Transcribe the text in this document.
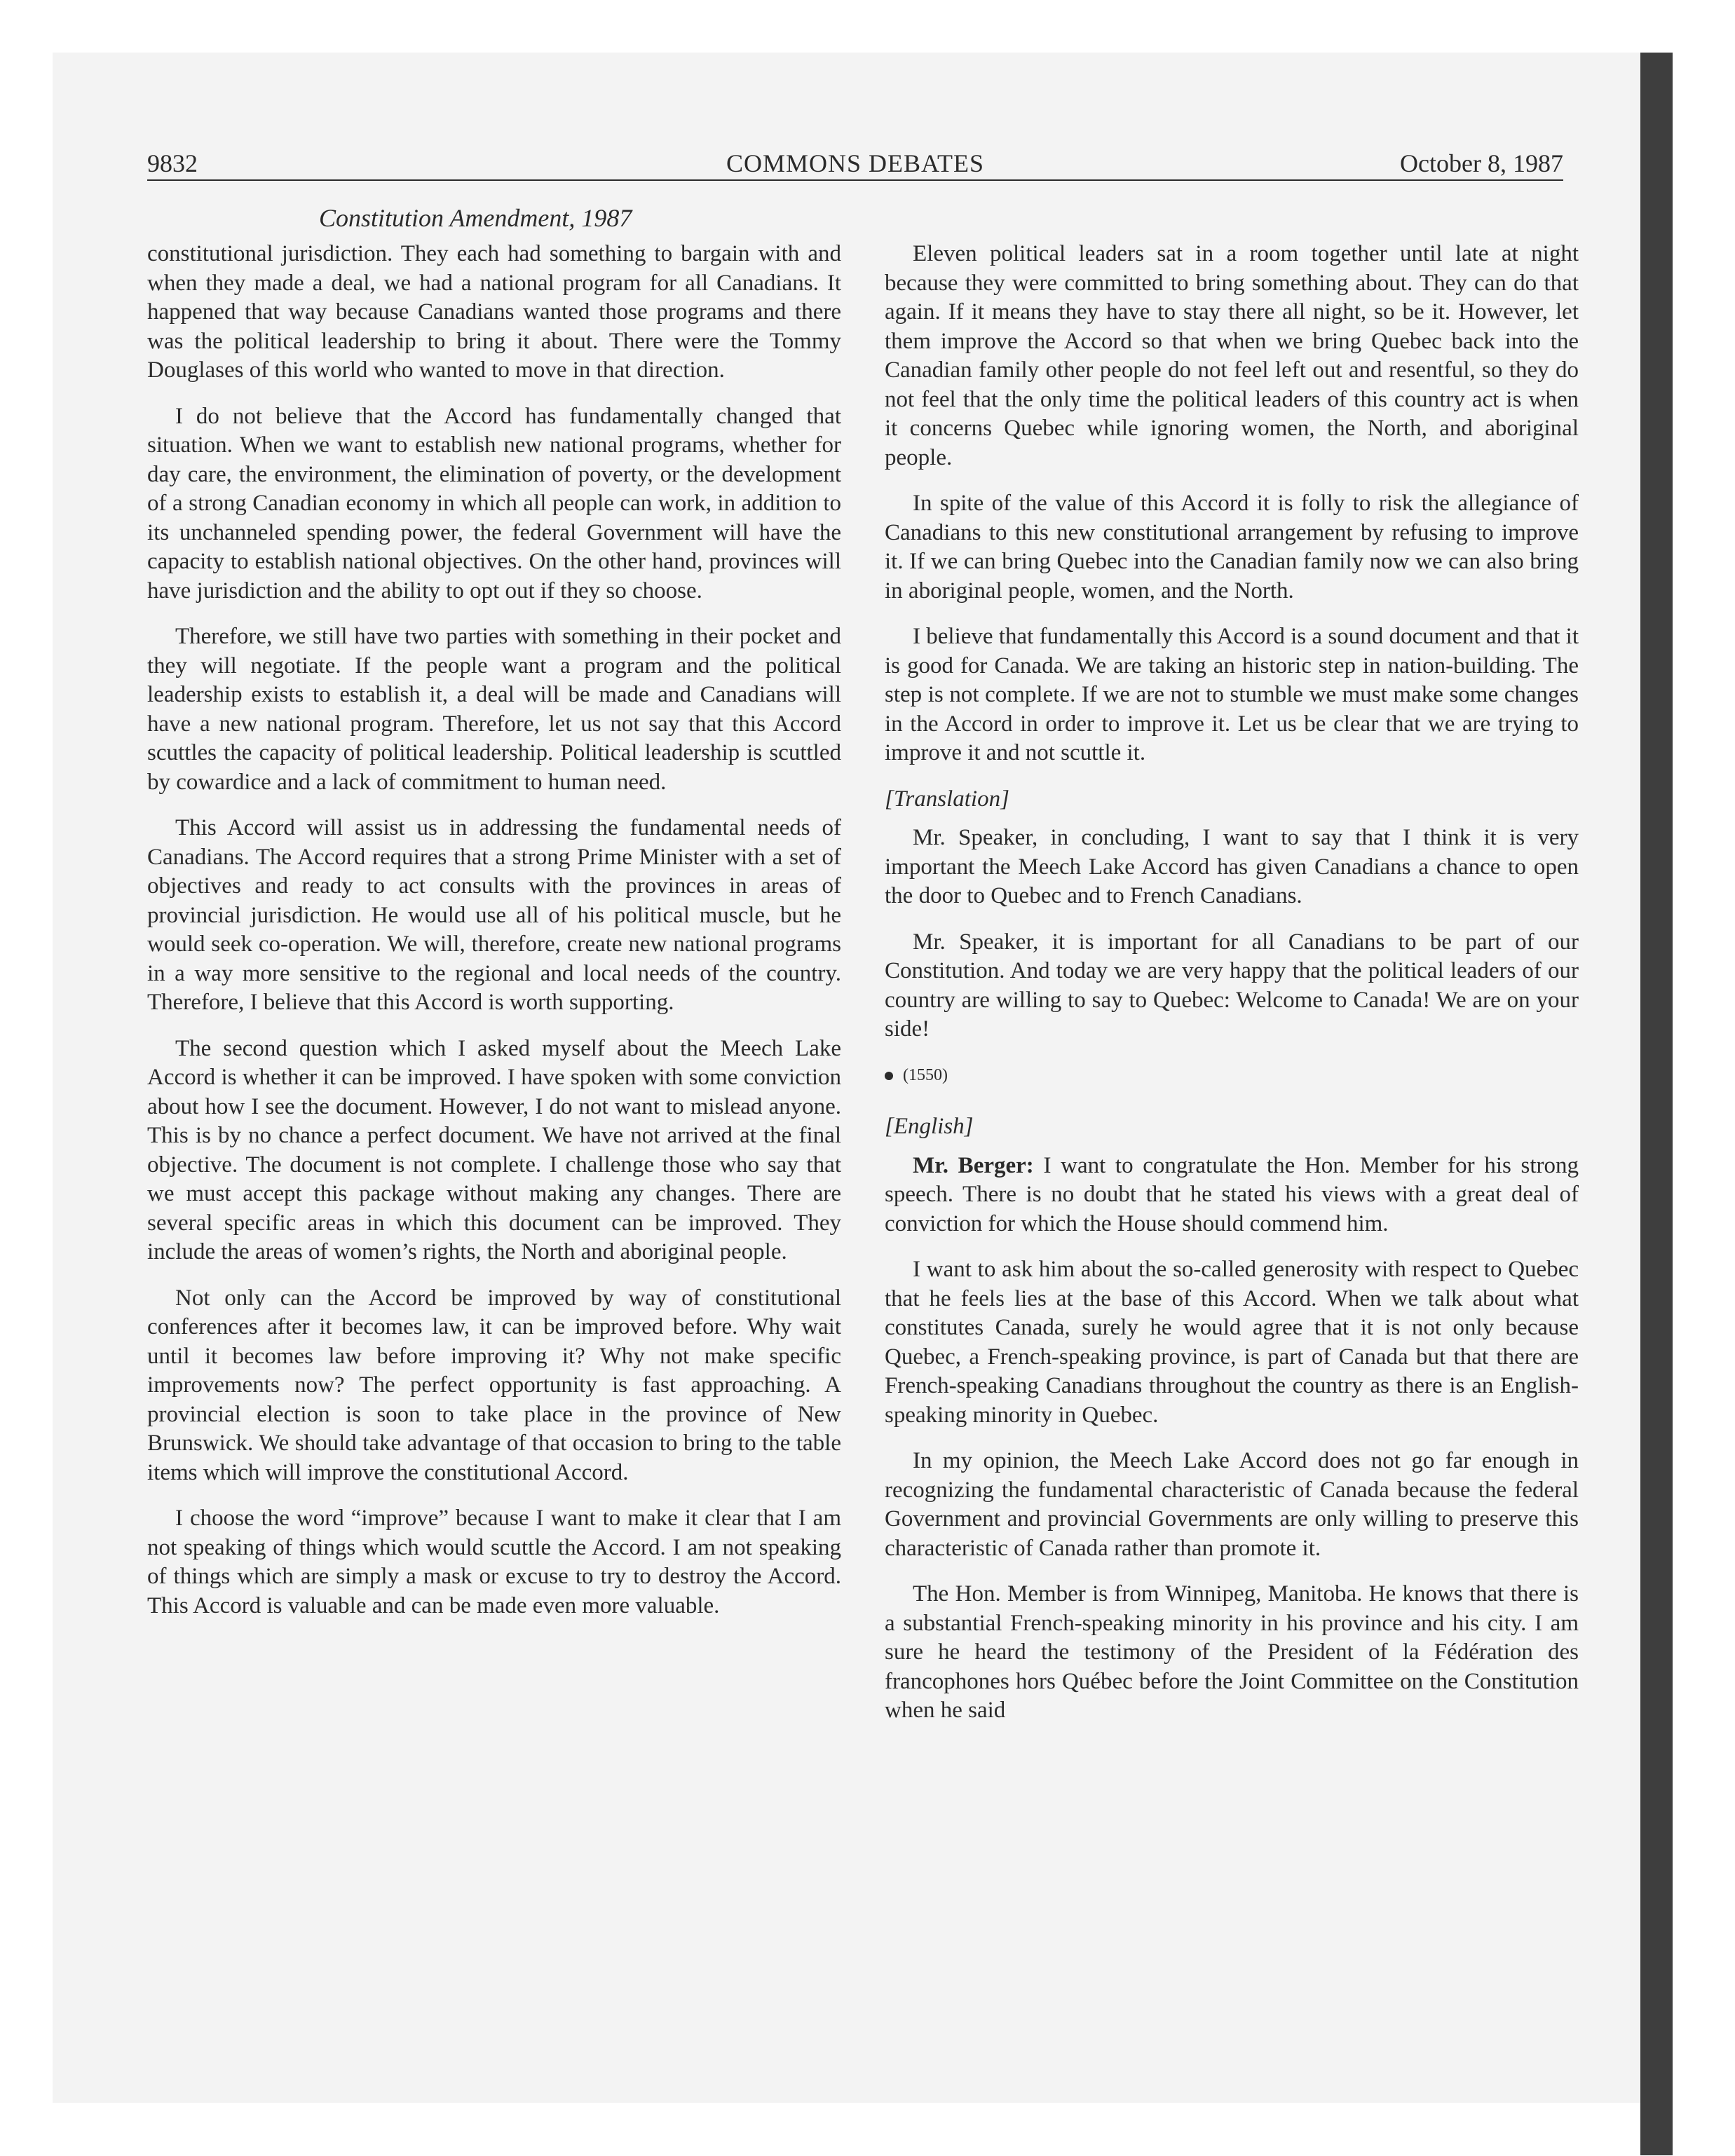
COMMONS DEBATES
9832	October 8, 1987
Constitution Amendment, 1987

constitutional jurisdiction. They each had something to bargain with and when they made a deal, we had a national program for all Canadians. It happened that way because Canadians wanted those programs and there was the political leadership to bring it about. There were the Tommy Douglases of this world who wanted to move in that direction.

I do not believe that the Accord has fundamentally changed that situation. When we want to establish new national programs, whether for day care, the environment, the elimination of poverty, or the development of a strong Canadian economy in which all people can work, in addition to its unchanneled spending power, the federal Government will have the capacity to establish national objectives. On the other hand, provinces will have jurisdiction and the ability to opt out if they so choose.

Therefore, we still have two parties with something in their pocket and they will negotiate. If the people want a program and the political leadership exists to establish it, a deal will be made and Canadians will have a new national program. Therefore, let us not say that this Accord scuttles the capacity of political leadership. Political leadership is scuttled by cowardice and a lack of commitment to human need.

This Accord will assist us in addressing the fundamental needs of Canadians. The Accord requires that a strong Prime Minister with a set of objectives and ready to act consults with the provinces in areas of provincial jurisdiction. He would use all of his political muscle, but he would seek co-operation. We will, therefore, create new national programs in a way more sensitive to the regional and local needs of the country. Therefore, I believe that this Accord is worth supporting.

The second question which I asked myself about the Meech Lake Accord is whether it can be improved. I have spoken with some conviction about how I see the document. However, I do not want to mislead anyone. This is by no chance a perfect document. We have not arrived at the final objective. The document is not complete. I challenge those who say that we must accept this package without making any changes. There are several specific areas in which this document can be improved. They include the areas of women’s rights, the North and aboriginal people.

Not only can the Accord be improved by way of constitutional conferences after it becomes law, it can be improved before. Why wait until it becomes law before improving it? Why not make specific improvements now? The perfect opportunity is fast approaching. A provincial election is soon to take place in the province of New Brunswick. We should take advantage of that occasion to bring to the table items which will improve the constitutional Accord.

I choose the word “improve” because I want to make it clear that I am not speaking of things which would scuttle the Accord. I am not speaking of things which are simply a mask or excuse to try to destroy the Accord. This Accord is valuable and can be made even more valuable.

Eleven political leaders sat in a room together until late at night because they were committed to bring something about. They can do that again. If it means they have to stay there all night, so be it. However, let them improve the Accord so that when we bring Quebec back into the Canadian family other people do not feel left out and resentful, so they do not feel that the only time the political leaders of this country act is when it concerns Quebec while ignoring women, the North, and aboriginal people.

In spite of the value of this Accord it is folly to risk the allegiance of Canadians to this new constitutional arrangement by refusing to improve it. If we can bring Quebec into the Canadian family now we can also bring in aboriginal people, women, and the North.

I believe that fundamentally this Accord is a sound document and that it is good for Canada. We are taking an historic step in nation-building. The step is not complete. If we are not to stumble we must make some changes in the Accord in order to improve it. Let us be clear that we are trying to improve it and not scuttle it.

[Translation]

Mr. Speaker, in concluding, I want to say that I think it is very important the Meech Lake Accord has given Canadians a chance to open the door to Quebec and to French Canadians.

Mr. Speaker, it is important for all Canadians to be part of our Constitution. And today we are very happy that the political leaders of our country are willing to say to Quebec: Welcome to Canada! We are on your side!

(1550)

[English]

Mr. Berger: I want to congratulate the Hon. Member for his strong speech. There is no doubt that he stated his views with a great deal of conviction for which the House should commend him.

I want to ask him about the so-called generosity with respect to Quebec that he feels lies at the base of this Accord. When we talk about what constitutes Canada, surely he would agree that it is not only because Quebec, a French-speaking province, is part of Canada but that there are French-speaking Canadians throughout the country as there is an English-speaking minority in Quebec.

In my opinion, the Meech Lake Accord does not go far enough in recognizing the fundamental characteristic of Canada because the federal Government and provincial Governments are only willing to preserve this characteristic of Canada rather than promote it.

The Hon. Member is from Winnipeg, Manitoba. He knows that there is a substantial French-speaking minority in his province and his city. I am sure he heard the testimony of the President of la Fédération des francophones hors Québec before the Joint Committee on the Constitution when he said
